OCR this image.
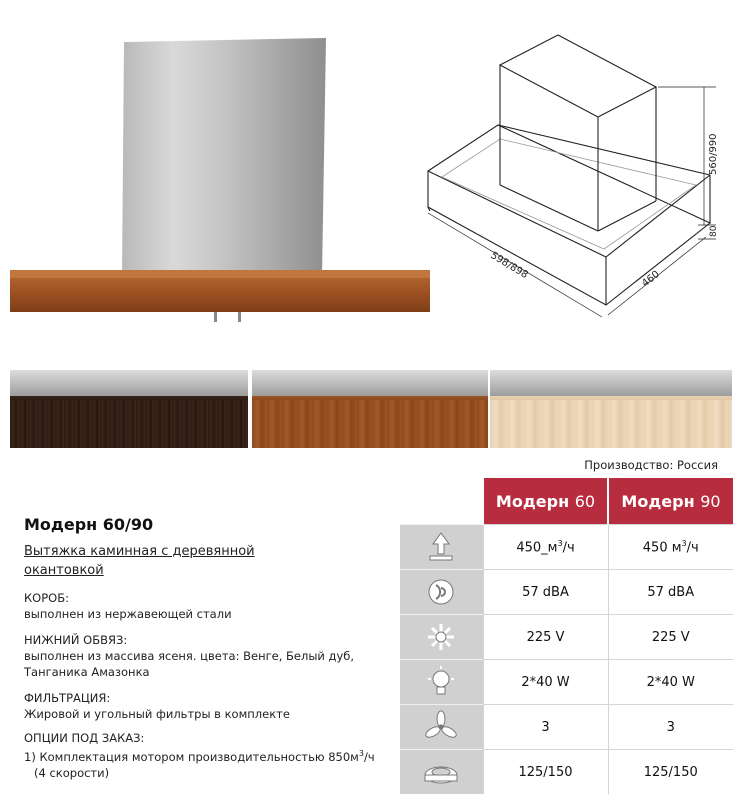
598/898	460
560/990
80
Производство: Россия
Модерн 60/90
Вытяжка каминная с деревянной
окантовкой
КОРОБ:
выполнен из нержавеющей стали
НИЖНИЙ ОБВЯЗ:
выполнен из массива ясеня. цвета: Венге, Белый дуб,
Танганика Амазонка
ФИЛЬТРАЦИЯ:
Жировой и угольный фильтры в комплекте
ОПЦИИ ПОД ЗАКАЗ:
1) Комплектация мотором производительностью $850м^3/ч$
(4 скорости)
	Модерн 60	Модерн 90

	$450\_м^3/ч$	450 $м^3/ч$

	57 dBA	57 dBA

	225 V	225 V

	2*40 W	2*40 W

	3	3

	125/150	125/150
